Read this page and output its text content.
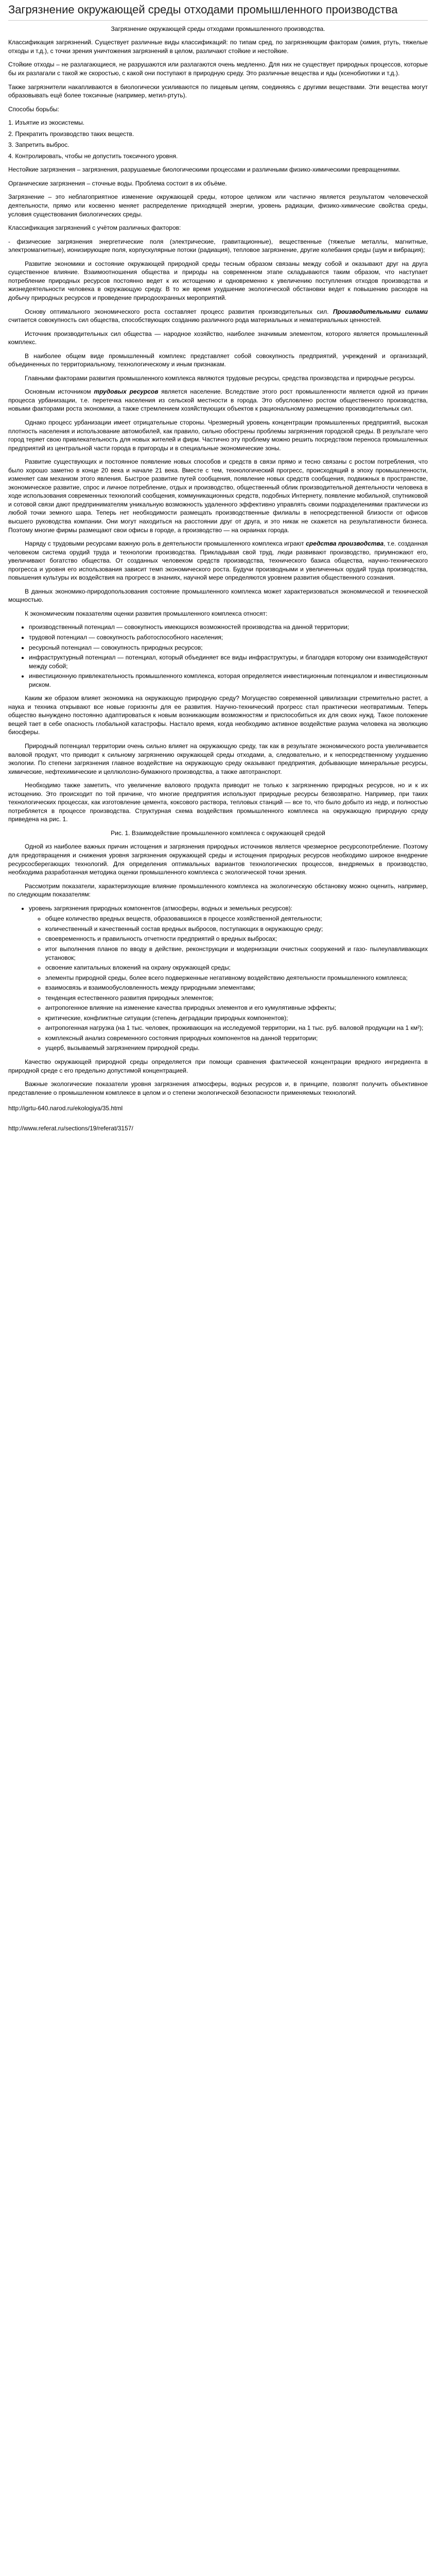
Загрязнение окружающей среды отходами промышленного производства

Загрязнение окружающей среды отходами промышленного производства.

Классификация загрязнений. Существует различные виды классификаций: по типам сред, по загрязняющим факторам (химия, ртуть, тяжелые отходы и т.д.), с точки зрения уничтожения загрязнений в целом, различают стойкие и нестойкие.

Стойкие отходы – не разлагающиеся, не разрушаются или разлагаются очень медленно. Для них не существует природных процессов, которые бы их разлагали с такой же скоростью, с какой они поступают в природную среду. Это различные вещества и яды (ксенобиотики и т.д.).

Также загрязнители накапливаются в биологически усиливаются по пищевым цепям, соединяясь с другими веществами. Эти вещества могут образовывать ещё более токсичные (например, метил-ртуть).

Способы борьбы:

1. Изъятие из экосистемы.

2. Прекратить производство таких веществ.

3. Запретить выброс.

4. Контролировать, чтобы не допустить токсичного уровня.

Нестойкие загрязнения – загрязнения, разрушаемые биологическими процессами и различными физико-химическими превращениями.

Органические загрязнения – сточные воды. Проблема состоит в их объёме.

Загрязнение – это неблагоприятное изменение окружающей среды, которое целиком или частично является результатом человеческой деятельности, прямо или косвенно меняет распределение приходящей энергии, уровень радиации, физико-химические свойства среды, условия существования биологических среды.

Классификация загрязнений с учётом различных факторов:

- физические загрязнения энергетические поля (электрические, гравитационные), вещественные (тяжелые металлы, магнитные, электромагнитные), ионизирующие поля, корпускулярные потоки (радиация), тепловое загрязнение, другие колебания среды (шум и вибрация);

Развитие экономики и состояние окружающей природной среды тесным образом связаны между собой и оказывают друг на друга существенное влияние. Взаимоотношения общества и природы на современном этапе складываются таким образом, что наступает потребление природных ресурсов постоянно ведет к их истощению и одновременно к увеличению поступления отходов производства и жизнедеятельности человека в окружающую среду. В то же время ухудшение экологической обстановки ведет к повышению расходов на добычу природных ресурсов и проведение природоохранных мероприятий.

Основу оптимального экономического роста составляет процесс развития производительных сил. Производительными силами считается совокупность сил общества, способствующих созданию различного рода материальных и нематериальных ценностей.

Источник производительных сил общества — народное хозяйство, наиболее значимым элементом, которого является промышленный комплекс.

В наиболее общем виде промышленный комплекс представляет собой совокупность предприятий, учреждений и организаций, объединенных по территориальному, технологическому и иным признакам.

Главными факторами развития промышленного комплекса являются трудовые ресурсы, средства производства и природные ресурсы.

Основным источником трудовых ресурсов является население. Вследствие этого рост промышленности является одной из причин процесса урбанизации, т.е. перетечка населения из сельской местности в города. Это обусловлено ростом общественного производства, новыми факторами роста экономики, а также стремлением хозяйствующих объектов к рациональному размещению производительных сил.

Однако процесс урбанизации имеет отрицательные стороны. Чрезмерный уровень концентрации промышленных предприятий, высокая плотность населения и использование автомобилей, как правило, сильно обострены проблемы загрязнения городской среды. В результате чего город теряет свою привлекательность для новых жителей и фирм. Частично эту проблему можно решить посредством переноса промышленных предприятий из центральной части города в пригороды и в специальные экономические зоны.

Развитие существующих и постоянное появление новых способов и средств в связи прямо и тесно связаны с ростом потребления, что было хорошо заметно в конце 20 века и начале 21 века. Вместе с тем, технологический прогресс, происходящий в эпоху промышленности, изменяет сам механизм этого явления. Быстрое развитие путей сообщения, появление новых средств сообщения, подвижных в пространстве, экономическое развитие, спрос и личное потребление, отдых и производство, общественный облик производительной деятельности человека в ходе использования современных технологий сообщения, коммуникационных средств, подобных Интернету, появление мобильной, спутниковой и сотовой связи дают предпринимателям уникальную возможность удаленного эффективно управлять своими подразделениями практически из любой точки земного шара. Теперь нет необходимости размещать производственные филиалы в непосредственной близости от офисов высшего руководства компании. Они могут находиться на расстоянии друг от друга, и это никак не скажется на результативности бизнеса. Поэтому многие фирмы размещают свои офисы в городе, а производство — на окраинах города.

Наряду с трудовыми ресурсами важную роль в деятельности промышленного комплекса играют средства производства, т.е. созданная человеком система орудий труда и технологии производства. Прикладывая свой труд, люди развивают производство, приумножают его, увеличивают богатство общества. От созданных человеком средств производства, технического базиса общества, научно-технического прогресса и уровня его использования зависит темп экономического роста. Будучи производными и увеличенных орудий труда производства, повышения культуры их воздействия на прогресс в знаниях, научной мере определяются уровнем развития общественного сознания.

В данных экономико-природопользования состояние промышленного комплекса может характеризоваться экономической и технической мощностью.

К экономическим показателям оценки развития промышленного комплекса относят:

• производственный потенциал — совокупность имеющихся возможностей производства на данной территории;
• трудовой потенциал — совокупность работоспособного населения;
• ресурсный потенциал — совокупность природных ресурсов;
• инфраструктурный потенциал — потенциал, который объединяет все виды инфраструктуры, и благодаря которому они взаимодействуют между собой;
• инвестиционную привлекательность промышленного комплекса, которая определяется инвестиционным потенциалом и инвестиционным риском.

Каким же образом влияет экономика на окружающую природную среду? Могущество современной цивилизации стремительно растет, а наука и техника открывают все новые горизонты для ее развития. Научно-технический прогресс стал практически неотвратимым. Теперь общество вынуждено постоянно адаптироваться к новым возникающим возможностям и приспособиться их для своих нужд. Такое положение вещей тает в себе опасность глобальной катастрофы. Настало время, когда необходимо активное воздействие разума человека на эволюцию биосферы.

Природный потенциал территории очень сильно влияет на окружающую среду, так как в результате экономического роста увеличивается валовой продукт, что приводит к сильному загрязнению окружающей среды отходами, а, следовательно, и к непосредственному ухудшению экологии. По степени загрязнения главное воздействие на окружающую среду оказывают предприятия, добывающие минеральные ресурсы, химические, нефтехимические и целлюлозно-бумажного производства, а также автотранспорт.

Необходимо также заметить, что увеличение валового продукта приводит не только к загрязнению природных ресурсов, но и к их истощению. Это происходит по той причине, что многие предприятия используют природные ресурсы безвозвратно. Например, при таких технологических процессах, как изготовление цемента, коксового раствора, тепловых станций — все то, что было добыто из недр, и полностью потребляется в процессе производства. Структурная схема воздействия промышленного комплекса на окружающую природную среду приведена на рис. 1.

Рис. 1. Взаимодействие промышленного комплекса с окружающей средой

Одной из наиболее важных причин истощения и загрязнения природных источников является чрезмерное ресурсопотребление. Поэтому для предотвращения и снижения уровня загрязнения окружающей среды и истощения природных ресурсов необходимо широкое внедрение ресурсосберегающих технологий. Для определения оптимальных вариантов технологических процессов, внедряемых в производство, необходима разработанная методика оценки промышленного комплекса с экологической точки зрения.

Рассмотрим показатели, характеризующие влияние промышленного комплекса на экологическую обстановку можно оценить, например, по следующим показателям:

• уровень загрязнения природных компонентов (атмосферы, водных и земельных ресурсов):
◦ общее количество вредных веществ, образовавшихся в процессе хозяйственной деятельности;
◦ количественный и качественный состав вредных выбросов, поступающих в окружающую среду;
◦ своевременность и правильность отчетности предприятий о вредных выбросах;
◦ итог выполнения планов по вводу в действие, реконструкции и модернизации очистных сооружений и газо- пылеулавливающих установок;
◦ освоение капитальных вложений на охрану окружающей среды;
◦ элементы природной среды, более всего подверженные негативному воздействию деятельности промышленного комплекса;
◦ взаимосвязь и взаимообусловленность между природными элементами;
◦ тенденция естественного развития природных элементов;
◦ антропогенное влияние на изменение качества природных элементов и его кумулятивные эффекты;
◦ критические, конфликтные ситуации (степень деградации природных компонентов);
◦ антропогенная нагрузка (на 1 тыс. человек, проживающих на исследуемой территории, на 1 тыс. руб. валовой продукции на 1 км²);
◦ комплексный анализ современного состояния природных компонентов на данной территории;
◦ ущерб, вызываемый загрязнением природной среды.

Качество окружающей природной среды определяется при помощи сравнения фактической концентрации вредного ингредиента в природной среде с его предельно допустимой концентрацией.

Важные экологические показатели уровня загрязнения атмосферы, водных ресурсов и, в принципе, позволят получить объективное представление о промышленном комплексе в целом и о степени экологической безопасности применяемых технологий.

http://igrtu-640.narod.ru/ekologiya/35.html

http://www.referat.ru/sections/19/referat/3157/
